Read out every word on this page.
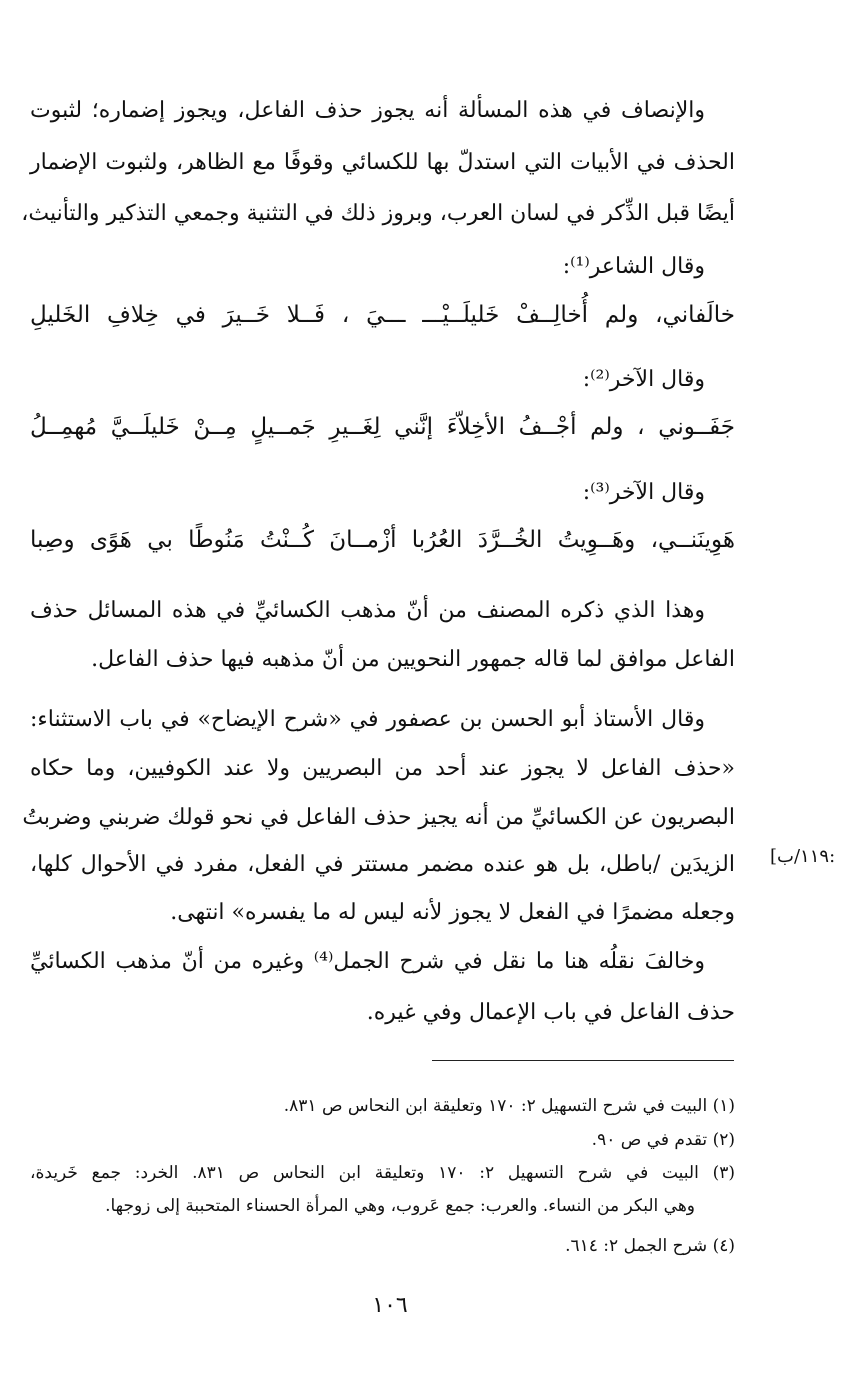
والإنصاف في هذه المسألة أنه يجوز حذف الفاعل، ويجوز إضماره؛ لثبوت
الحذف في الأبيات التي استدلّ بها للكسائي وقوفًا مع الظاهر، ولثبوت الإضمار
أيضًا قبل الذِّكر في لسان العرب، وبروز ذلك في التثنية وجمعي التذكير والتأنيث،
وقال الشاعر⁽¹⁾:
خالَفاني، ولم أُخالِــفْ خَليلَــيْـــ ـــيَ ، فَــلا خَــيرَ في خِلافِ الخَليلِ
وقال الآخر⁽²⁾:
جَفَــوني ، ولم أجْــفُ الأخِلاّءَ إنَّني لِغَــيرِ جَمــيلٍ مِــنْ خَليلَــيَّ مُهمِــلُ
وقال الآخر⁽³⁾:
هَوِينَنــي، وهَــوِيتُ الخُــرَّدَ العُرُبا أزْمــانَ كُــنْتُ مَنُوطًا بي هَوًى وصِبا
وهذا الذي ذكره المصنف من أنّ مذهب الكسائيِّ في هذه المسائل حذف
الفاعل موافق لما قاله جمهور النحويين من أنّ مذهبه فيها حذف الفاعل.
وقال الأستاذ أبو الحسن بن عصفور في «شرح الإيضاح» في باب الاستثناء:
«حذف الفاعل لا يجوز عند أحد من البصريين ولا عند الكوفيين، وما حكاه
البصريون عن الكسائيِّ من أنه يجيز حذف الفاعل في نحو قولك ضربني وضربتُ
الزيدَين /باطل، بل هو عنده مضمر مستتر في الفعل، مفرد في الأحوال كلها،
وجعله مضمرًا في الفعل لا يجوز لأنه ليس له ما يفسره» انتهى.
وخالفَ نقلُه هنا ما نقل في شرح الجمل⁽⁴⁾ وغيره من أنّ مذهب الكسائيِّ
حذف الفاعل في باب الإعمال وفي غيره.
:١١٩/ب]
(١) البيت في شرح التسهيل ٢: ١٧٠ وتعليقة ابن النحاس ص ٨٣١.
(٢) تقدم في ص ٩٠.
(٣) البيت في شرح التسهيل ٢: ١٧٠ وتعليقة ابن النحاس ص ٨٣١. الخرد: جمع خَريدة،
وهي البكر من النساء. والعرب: جمع عَروب، وهي المرأة الحسناء المتحببة إلى زوجها.
(٤) شرح الجمل ٢: ٦١٤.
١٠٦
